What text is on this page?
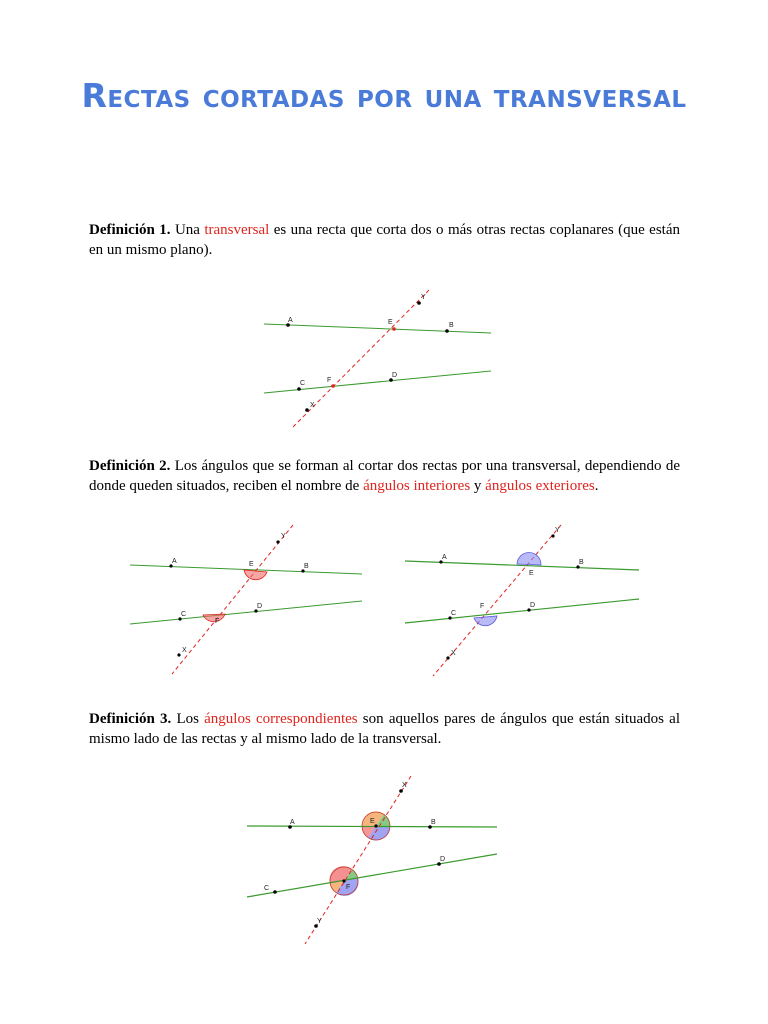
Rectas cortadas por una transversal
Definición 1. Una transversal es una recta que corta dos o más otras rectas coplanares (que están en un mismo plano).
A
B
C
D
E
F
Y
X
Definición 2. Los ángulos que se forman al cortar dos rectas por una transversal, dependiendo de donde queden situados, reciben el nombre de ángulos interiores y ángulos exteriores.
A
B
C
D
E
F
Y
X
A
B
C
D
E
F
Y
X
Definición 3. Los ángulos correspondientes son aquellos pares de ángulos que están situados al mismo lado de las rectas y al mismo lado de la transversal.
A	B
C
D
E
F
X
Y
